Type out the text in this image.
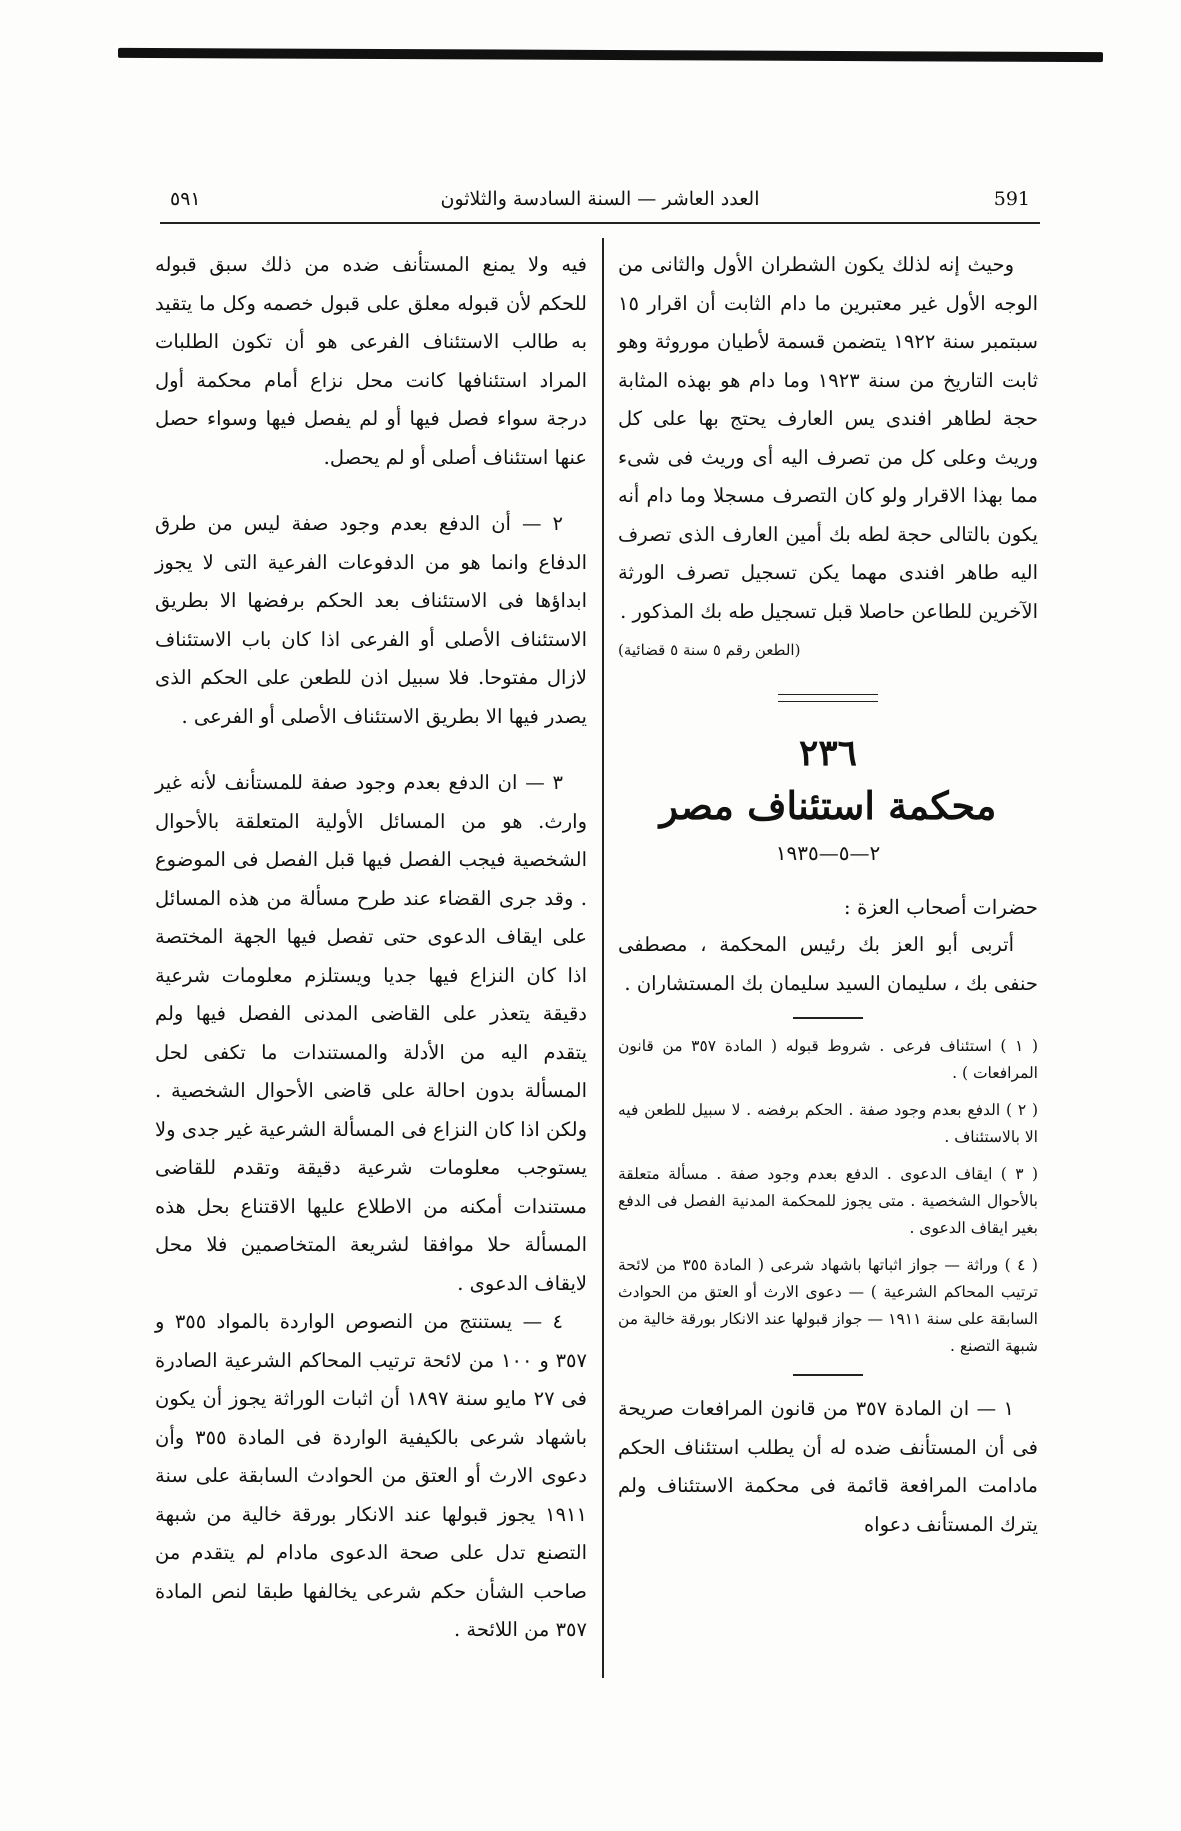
٥٩١	العدد العاشر — السنة السادسة والثلاثون	591

وحيث إنه لذلك يكون الشطران الأول والثانى من الوجه الأول غير معتبرين ما دام الثابت أن اقرار ١٥ سبتمبر سنة ١٩٢٢ يتضمن قسمة لأطيان موروثة وهو ثابت التاريخ من سنة ١٩٢٣ وما دام هو بهذه المثابة حجة لطاهر افندى يس العارف يحتج بها على كل وريث وعلى كل من تصرف اليه أى وريث فى شىء مما بهذا الاقرار ولو كان التصرف مسجلا وما دام أنه يكون بالتالى حجة لطه بك أمين العارف الذى تصرف اليه طاهر افندى مهما يكن تسجيل تصرف الورثة الآخرين للطاعن حاصلا قبل تسجيل طه بك المذكور .

(الطعن رقم ٥ سنة ٥ قضائية)

٢٣٦
محكمة استئناف مصر
٢—٥—١٩٣٥

حضرات أصحاب العزة :

أتربى أبو العز بك رئيس المحكمة ، مصطفى حنفى بك ، سليمان السيد سليمان بك المستشاران .

( ١ ) استئناف فرعى . شروط قبوله ( المادة ٣٥٧ من قانون المرافعات ) .

( ٢ ) الدفع بعدم وجود صفة . الحكم برفضه . لا سبيل للطعن فيه الا بالاستئناف .

( ٣ ) ايقاف الدعوى . الدفع بعدم وجود صفة . مسألة متعلقة بالأحوال الشخصية . متى يجوز للمحكمة المدنية الفصل فى الدفع بغير ايقاف الدعوى .

( ٤ ) وراثة — جواز اثباتها باشهاد شرعى ( المادة ٣٥٥ من لائحة ترتيب المحاكم الشرعية ) — دعوى الارث أو العتق من الحوادث السابقة على سنة ١٩١١ — جواز قبولها عند الانكار بورقة خالية من شبهة التصنع .

١ — ان المادة ٣٥٧ من قانون المرافعات صريحة فى أن المستأنف ضده له أن يطلب استئناف الحكم مادامت المرافعة قائمة فى محكمة الاستئناف ولم يترك المستأنف دعواه

فيه ولا يمنع المستأنف ضده من ذلك سبق قبوله للحكم لأن قبوله معلق على قبول خصمه وكل ما يتقيد به طالب الاستئناف الفرعى هو أن تكون الطلبات المراد استئنافها كانت محل نزاع أمام محكمة أول درجة سواء فصل فيها أو لم يفصل فيها وسواء حصل عنها استئناف أصلى أو لم يحصل.

٢ — أن الدفع بعدم وجود صفة ليس من طرق الدفاع وانما هو من الدفوعات الفرعية التى لا يجوز ابداؤها فى الاستئناف بعد الحكم برفضها الا بطريق الاستئناف الأصلى أو الفرعى اذا كان باب الاستئناف لازال مفتوحا. فلا سبيل اذن للطعن على الحكم الذى يصدر فيها الا بطريق الاستئناف الأصلى أو الفرعى .

٣ — ان الدفع بعدم وجود صفة للمستأنف لأنه غير وارث. هو من المسائل الأولية المتعلقة بالأحوال الشخصية فيجب الفصل فيها قبل الفصل فى الموضوع . وقد جرى القضاء عند طرح مسألة من هذه المسائل على ايقاف الدعوى حتى تفصل فيها الجهة المختصة اذا كان النزاع فيها جديا ويستلزم معلومات شرعية دقيقة يتعذر على القاضى المدنى الفصل فيها ولم يتقدم اليه من الأدلة والمستندات ما تكفى لحل المسألة بدون احالة على قاضى الأحوال الشخصية . ولكن اذا كان النزاع فى المسألة الشرعية غير جدى ولا يستوجب معلومات شرعية دقيقة وتقدم للقاضى مستندات أمكنه من الاطلاع عليها الاقتناع بحل هذه المسألة حلا موافقا لشريعة المتخاصمين فلا محل لايقاف الدعوى .

٤ — يستنتج من النصوص الواردة بالمواد ٣٥٥ و ٣٥٧ و ١٠٠ من لائحة ترتيب المحاكم الشرعية الصادرة فى ٢٧ مايو سنة ١٨٩٧ أن اثبات الوراثة يجوز أن يكون باشهاد شرعى بالكيفية الواردة فى المادة ٣٥٥ وأن دعوى الارث أو العتق من الحوادث السابقة على سنة ١٩١١ يجوز قبولها عند الانكار بورقة خالية من شبهة التصنع تدل على صحة الدعوى مادام لم يتقدم من صاحب الشأن حكم شرعى يخالفها طبقا لنص المادة ٣٥٧ من اللائحة .
